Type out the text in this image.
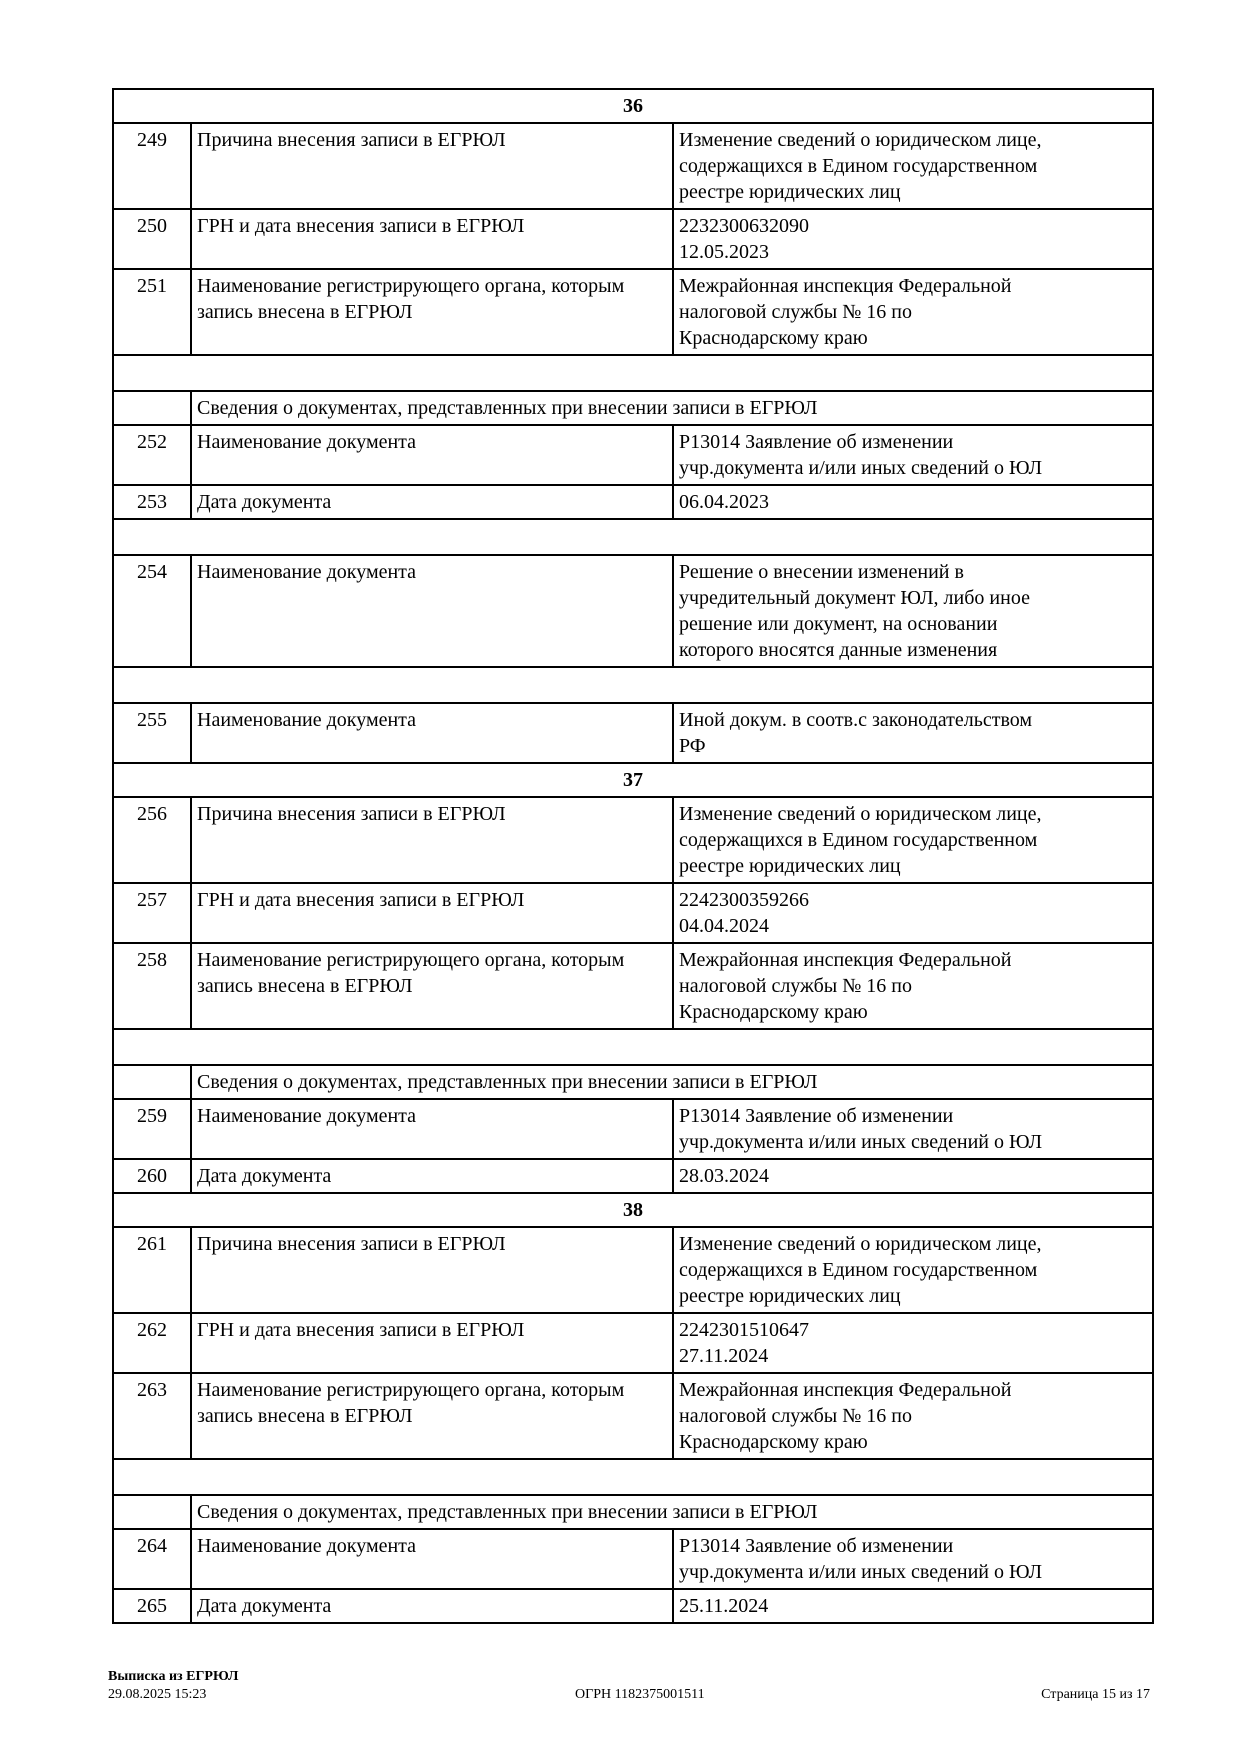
36		
249	Причина внесения записи в ЕГРЮЛ	Изменение сведений о юридическом лице,
содержащихся в Едином государственном
реестре юридических лиц

250	ГРН и дата внесения записи в ЕГРЮЛ	2232300632090
12.05.2023

251	Наименование регистрирующего органа, которым запись внесена в ЕГРЮЛ	Межрайонная инспекция Федеральной
налоговой службы № 16 по
Краснодарскому краю

	Сведения о документах, представленных при внесении записи в ЕГРЮЛ	
252	Наименование документа	Р13014 Заявление об изменении
учр.документа и/или иных сведений о ЮЛ

253	Дата документа	06.04.2023

254	Наименование документа	Решение о внесении изменений в
учредительный документ ЮЛ, либо иное
решение или документ, на основании
которого вносятся данные изменения

255	Наименование документа	Иной докум. в соотв.с законодательством
РФ

37		
256	Причина внесения записи в ЕГРЮЛ	Изменение сведений о юридическом лице,
содержащихся в Едином государственном
реестре юридических лиц

257	ГРН и дата внесения записи в ЕГРЮЛ	2242300359266
04.04.2024

258	Наименование регистрирующего органа, которым запись внесена в ЕГРЮЛ	Межрайонная инспекция Федеральной
налоговой службы № 16 по
Краснодарскому краю

	Сведения о документах, представленных при внесении записи в ЕГРЮЛ	
259	Наименование документа	Р13014 Заявление об изменении
учр.документа и/или иных сведений о ЮЛ

260	Дата документа	28.03.2024

38		
261	Причина внесения записи в ЕГРЮЛ	Изменение сведений о юридическом лице,
содержащихся в Едином государственном
реестре юридических лиц

262	ГРН и дата внесения записи в ЕГРЮЛ	2242301510647
27.11.2024

263	Наименование регистрирующего органа, которым запись внесена в ЕГРЮЛ	Межрайонная инспекция Федеральной
налоговой службы № 16 по
Краснодарскому краю

	Сведения о документах, представленных при внесении записи в ЕГРЮЛ	
264	Наименование документа	Р13014 Заявление об изменении
учр.документа и/или иных сведений о ЮЛ

265	Дата документа	25.11.2024
Выписка из ЕГРЮЛ
29.08.2025 15:23	ОГРН 1182375001511	Страница 15 из 17
